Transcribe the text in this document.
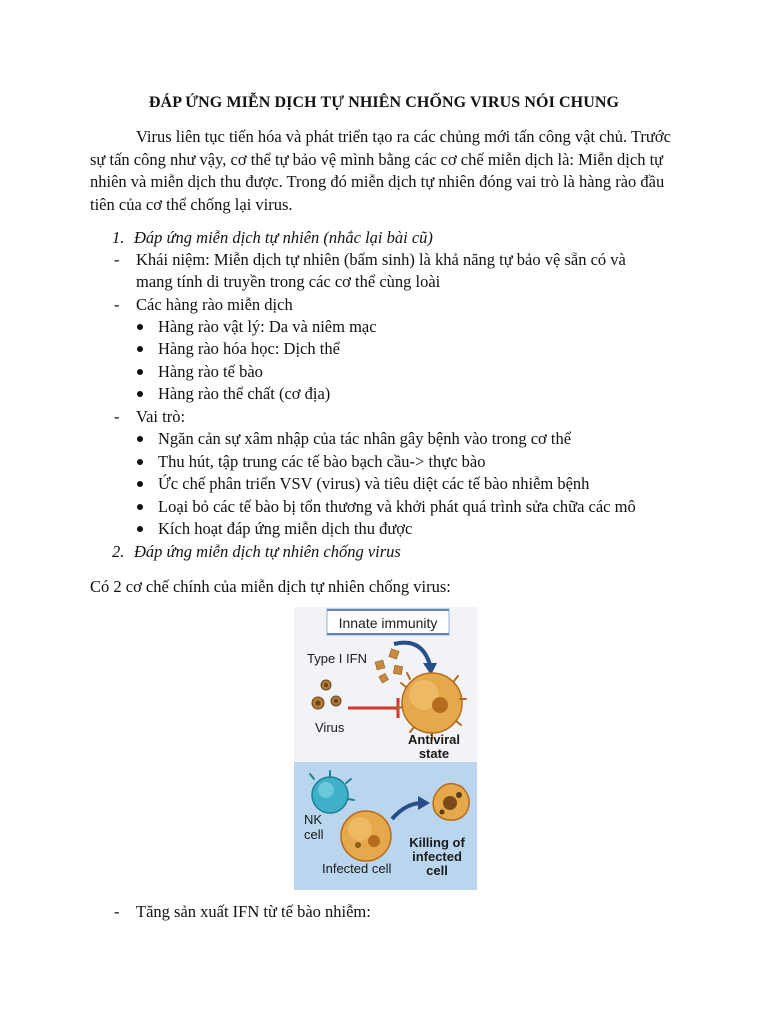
ĐÁP ỨNG MIỄN DỊCH TỰ NHIÊN CHỐNG VIRUS NÓI CHUNG

Virus liên tục tiến hóa và phát triển tạo ra các chủng mới tấn công vật chủ. Trước sự tấn công như vậy, cơ thể tự bảo vệ mình bằng các cơ chế miễn dịch là: Miễn dịch tự nhiên và miễn dịch thu được. Trong đó miễn dịch tự nhiên đóng vai trò là hàng rào đầu tiên của cơ thể chống lại virus.

1. Đáp ứng miễn dịch tự nhiên (nhắc lại bài cũ)
- Khái niệm: Miễn dịch tự nhiên (bẩm sinh) là khả năng tự bảo vệ sẵn có và
mang tính di truyền trong các cơ thể cùng loài
- Các hàng rào miễn dịch
Hàng rào vật lý: Da và niêm mạc
Hàng rào hóa học: Dịch thể
Hàng rào tế bào
Hàng rào thể chất (cơ địa)
- Vai trò:
Ngăn cản sự xâm nhập của tác nhân gây bệnh vào trong cơ thể
Thu hút, tập trung các tế bào bạch cầu-> thực bào
Ức chế phân triển VSV (virus) và tiêu diệt các tế bào nhiễm bệnh
Loại bỏ các tế bào bị tổn thương và khởi phát quá trình sửa chữa các mô
Kích hoạt đáp ứng miễn dịch thu được
2. Đáp ứng miễn dịch tự nhiên chống virus
Có 2 cơ chế chính của miễn dịch tự nhiên chống virus:
Innate immunity
Type I IFN
Virus
Antiviral
state
NK
cell
Infected cell
Killing of
infected
cell
- Tăng sản xuất IFN từ tế bào nhiễm:
